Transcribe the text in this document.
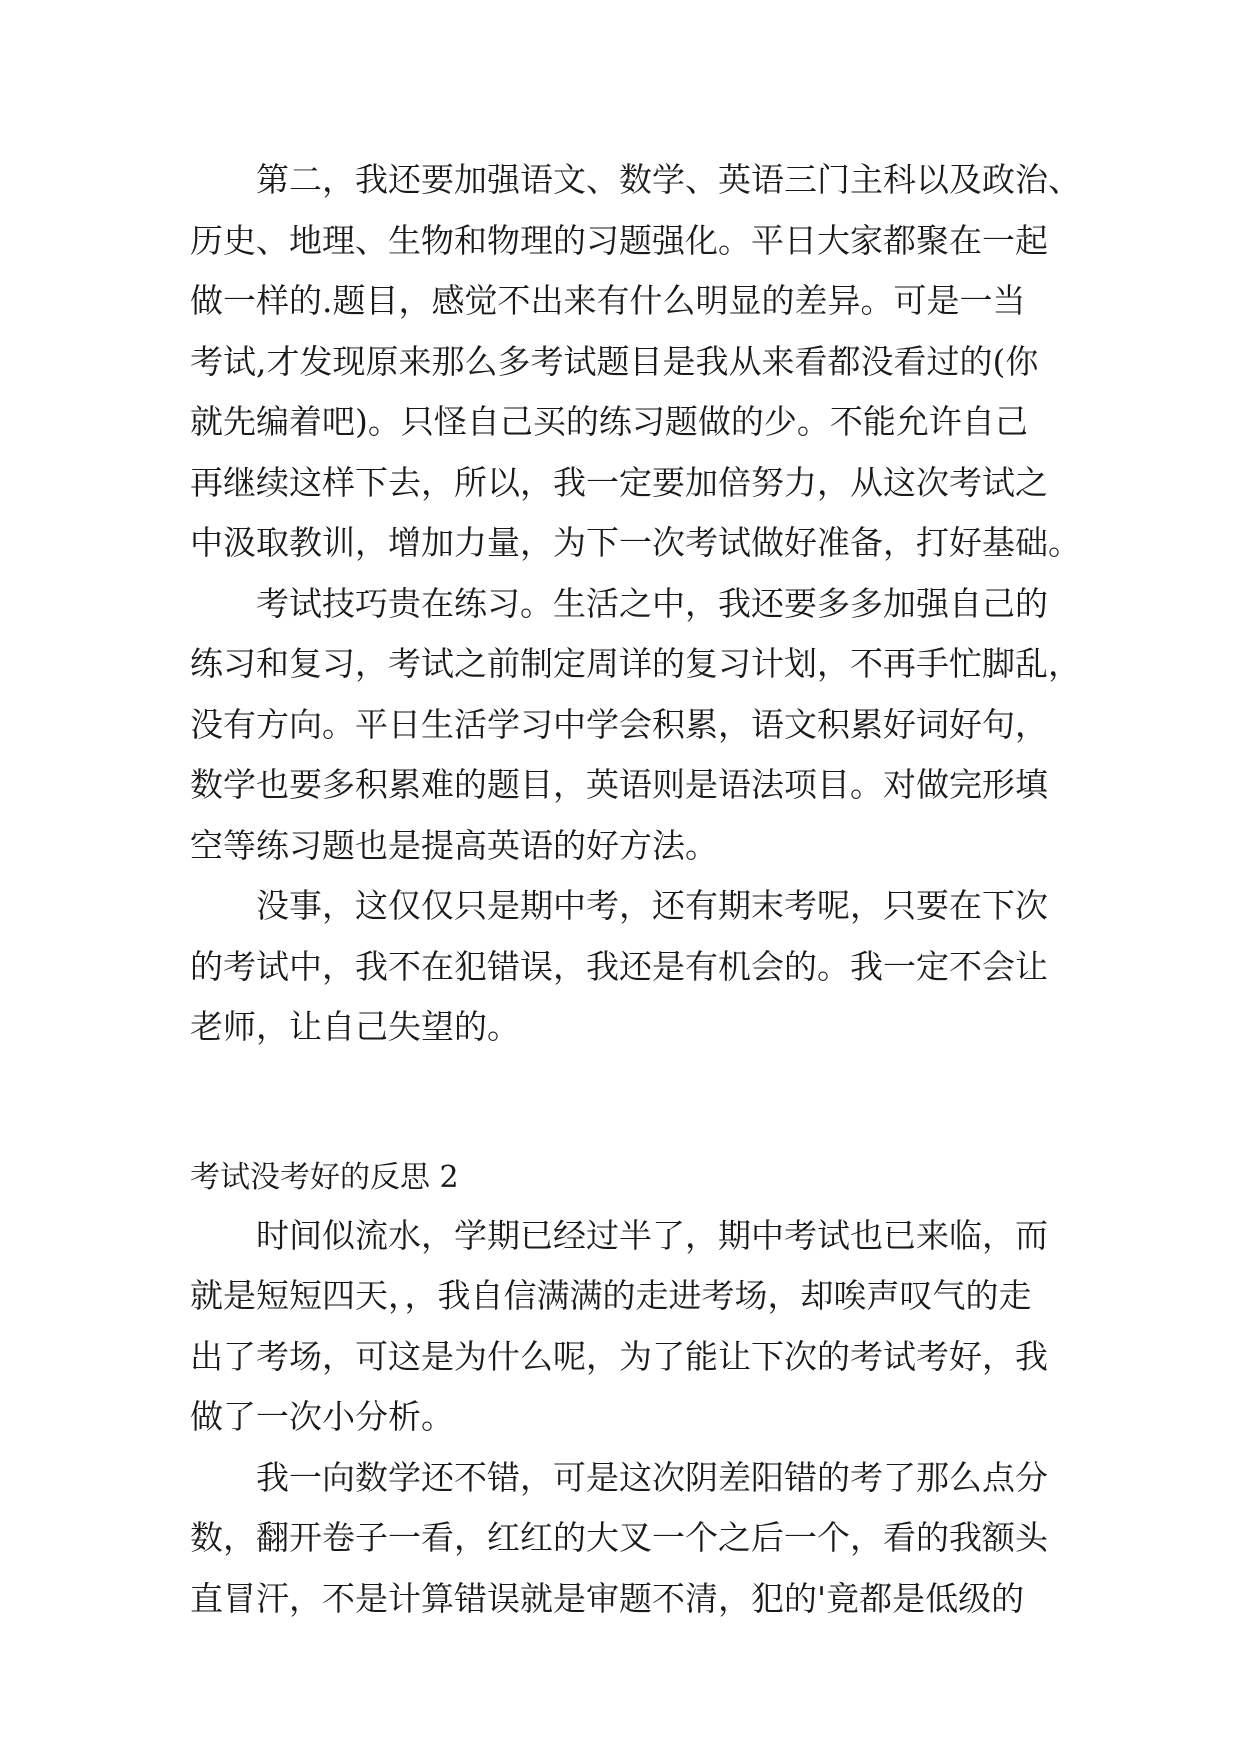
第二，我还要加强语文、数学、英语三门主科以及政治、
历史、地理、生物和物理的习题强化。平日大家都聚在一起
做一样的.题目，感觉不出来有什么明显的差异。可是一当
考试,才发现原来那么多考试题目是我从来看都没看过的(你
就先编着吧)。只怪自己买的练习题做的少。不能允许自己
再继续这样下去，所以，我一定要加倍努力，从这次考试之
中汲取教训，增加力量，为下一次考试做好准备，打好基础。
考试技巧贵在练习。生活之中，我还要多多加强自己的
练习和复习，考试之前制定周详的复习计划，不再手忙脚乱，
没有方向。平日生活学习中学会积累，语文积累好词好句，
数学也要多积累难的题目，英语则是语法项目。对做完形填
空等练习题也是提高英语的好方法。
没事，这仅仅只是期中考，还有期末考呢，只要在下次
的考试中，我不在犯错误，我还是有机会的。我一定不会让
老师，让自己失望的。
考试没考好的反思 2
时间似流水，学期已经过半了，期中考试也已来临，而
就是短短四天，，我自信满满的走进考场，却唉声叹气的走
出了考场，可这是为什么呢，为了能让下次的考试考好，我
做了一次小分析。
我一向数学还不错，可是这次阴差阳错的考了那么点分
数，翻开卷子一看，红红的大叉一个之后一个，看的我额头
直冒汗，不是计算错误就是审题不清，犯的'竟都是低级的
